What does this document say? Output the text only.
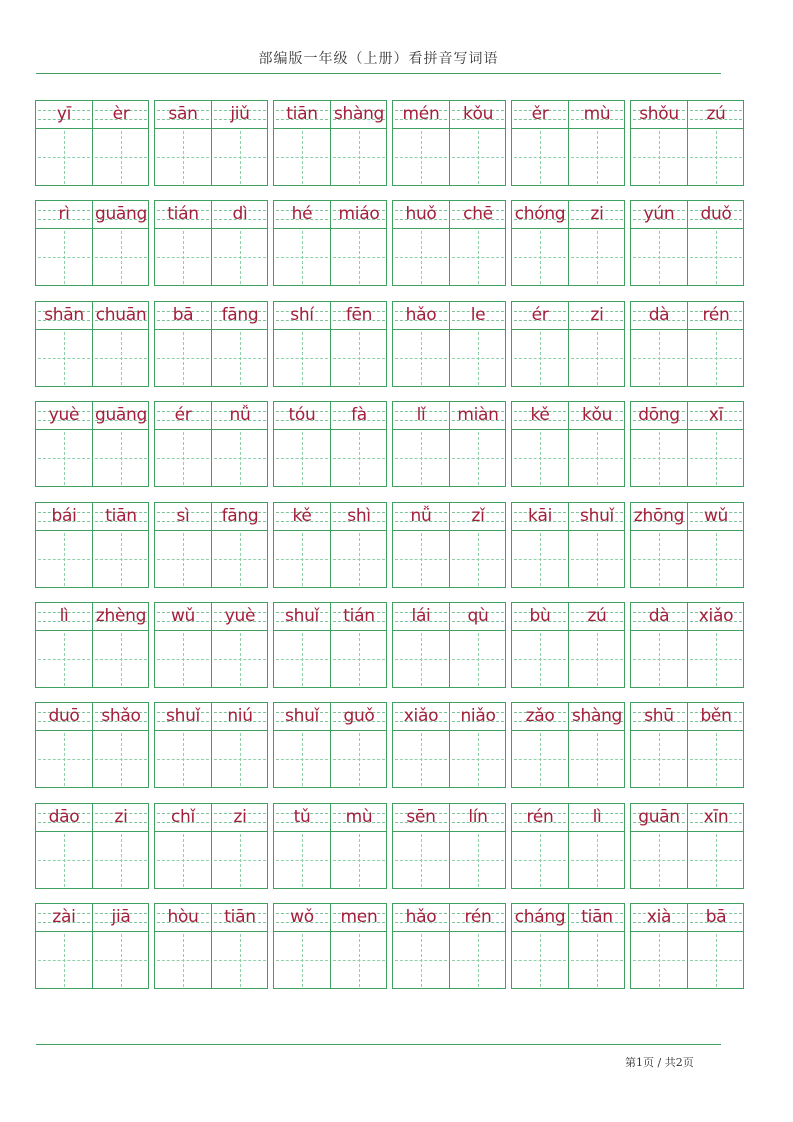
部编版一年级（上册）看拼音写词语
yī	èr	sān	jiǔ	tiān shàng	mén	kǒu	ěr	mù	shǒu	zú
rì	guāng	tián	dì	hé	miáo	huǒ	chē	chóng	zi	yún	duǒ
shān chuān	bā	fāng	shí	fēn	hǎo	le	ér	zi	dà	rén
yuè guāng	ér	nǚ	tóu	fà	lǐ	miàn	kě	kǒu	dōng	xī
bái	tiān	sì	fāng	kě	shì	nǚ	zǐ	kāi	shuǐ	zhōng	wǔ
lì	zhèng	wǔ	yuè	shuǐ	tián	lái	qù	bù	zú	dà	xiǎo
duō	shǎo	shuǐ	niú	shuǐ	guǒ	xiǎo	niǎo	zǎo	shàng	shū	běn
dāo	zi	chǐ	zi	tǔ	mù	sēn	lín	rén	lì	guān	xīn
zài	jiā	hòu	tiān	wǒ	men	hǎo	rén	cháng tiān	xià	bā
第1页 / 共2页
